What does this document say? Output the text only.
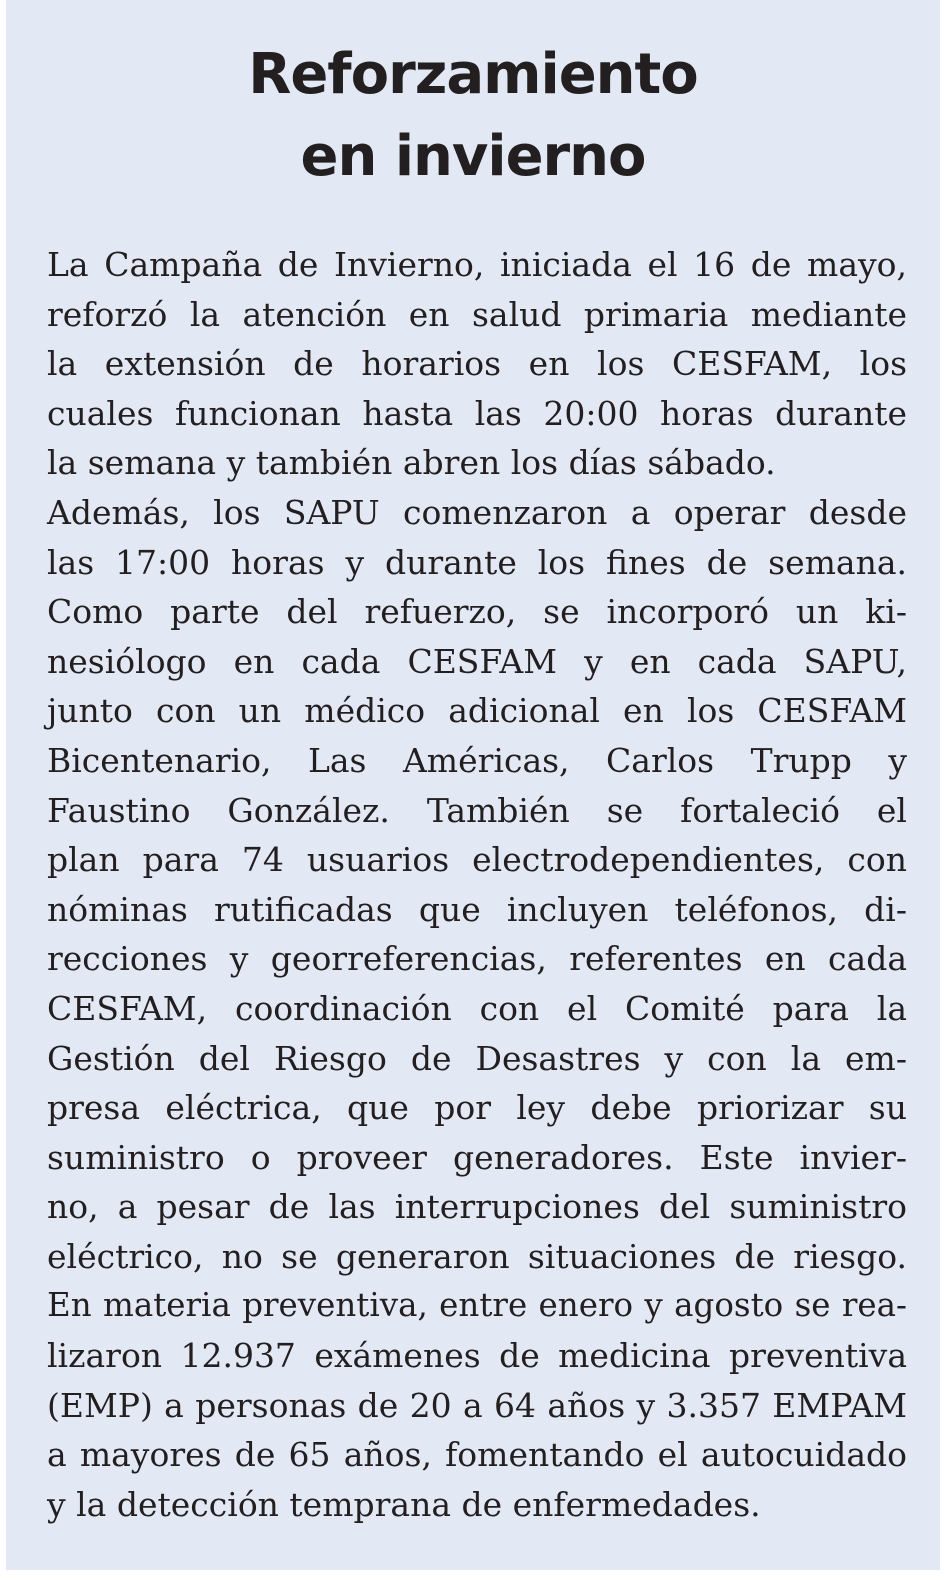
Reforzamiento
en invierno
La Campaña de Invierno, iniciada el 16 de mayo,
reforzó la atención en salud primaria mediante
la extensión de horarios en los CESFAM, los
cuales funcionan hasta las 20:00 horas durante
la semana y también abren los días sábado.
Además, los SAPU comenzaron a operar desde
las 17:00 horas y durante los fines de semana.
Como parte del refuerzo, se incorporó un ki-
nesiólogo en cada CESFAM y en cada SAPU,
junto con un médico adicional en los CESFAM
Bicentenario, Las Américas, Carlos Trupp y
Faustino González. También se fortaleció el
plan para 74 usuarios electrodependientes, con
nóminas rutificadas que incluyen teléfonos, di-
recciones y georreferencias, referentes en cada
CESFAM, coordinación con el Comité para la
Gestión del Riesgo de Desastres y con la em-
presa eléctrica, que por ley debe priorizar su
suministro o proveer generadores. Este invier-
no, a pesar de las interrupciones del suministro
eléctrico, no se generaron situaciones de riesgo.
En materia preventiva, entre enero y agosto se rea-
lizaron 12.937 exámenes de medicina preventiva
(EMP) a personas de 20 a 64 años y 3.357 EMPAM
a mayores de 65 años, fomentando el autocuidado
y la detección temprana de enfermedades.
